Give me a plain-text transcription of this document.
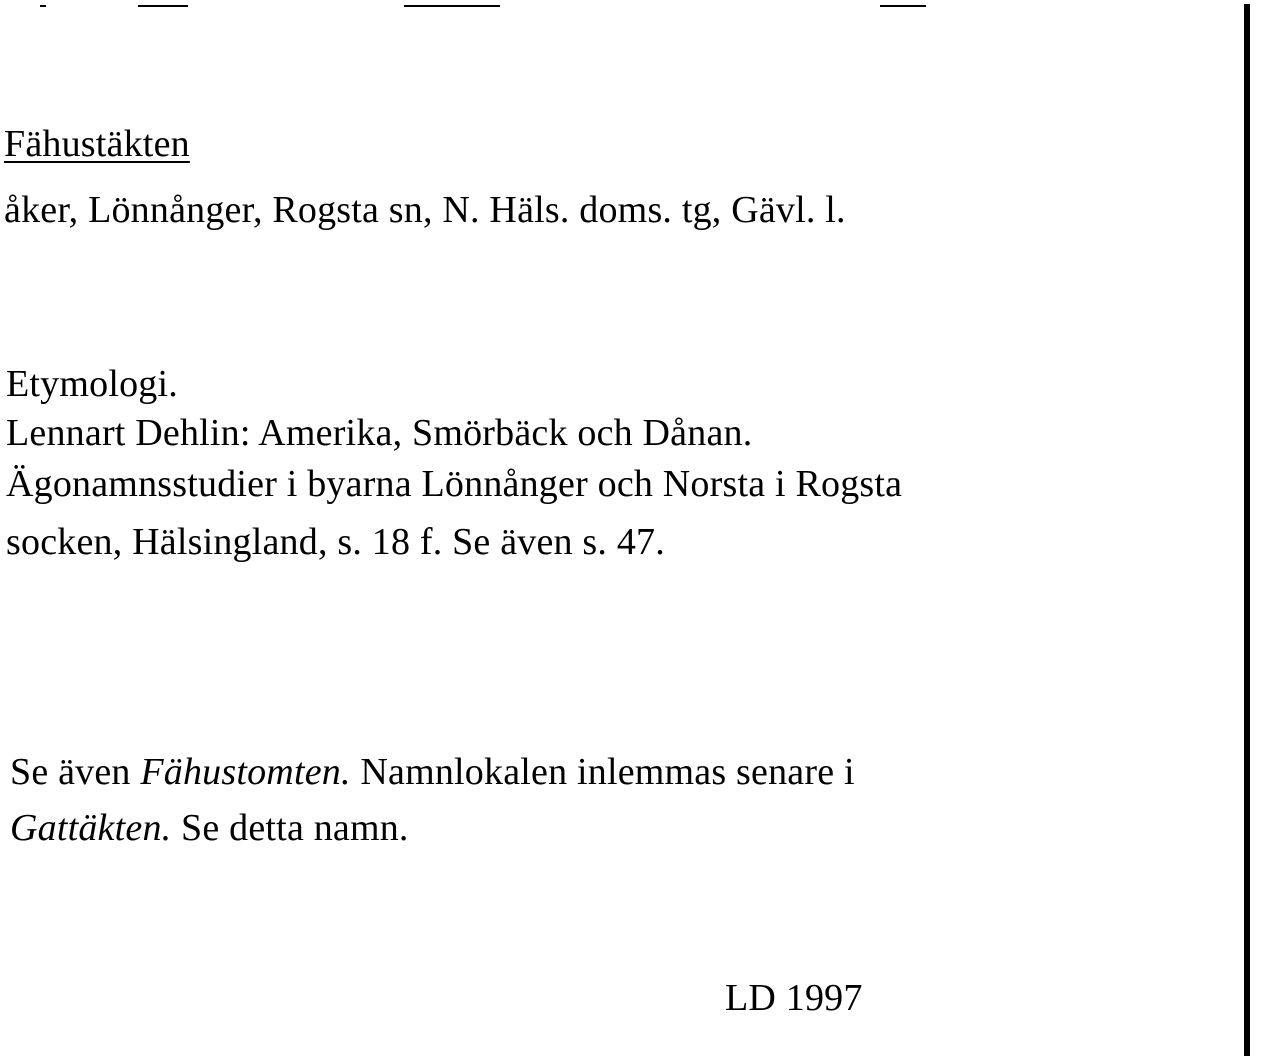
Fähustäkten
åker, Lönnånger, Rogsta sn, N. Häls. doms. tg, Gävl. l.
Etymologi.
Lennart Dehlin: Amerika, Smörbäck och Dånan.
Ägonamnsstudier i byarna Lönnånger och Norsta i Rogsta
socken, Hälsingland, s. 18 f. Se även s. 47.
Se även Fähustomten. Namnlokalen inlemmas senare i
Gattäkten. Se detta namn.
LD 1997
